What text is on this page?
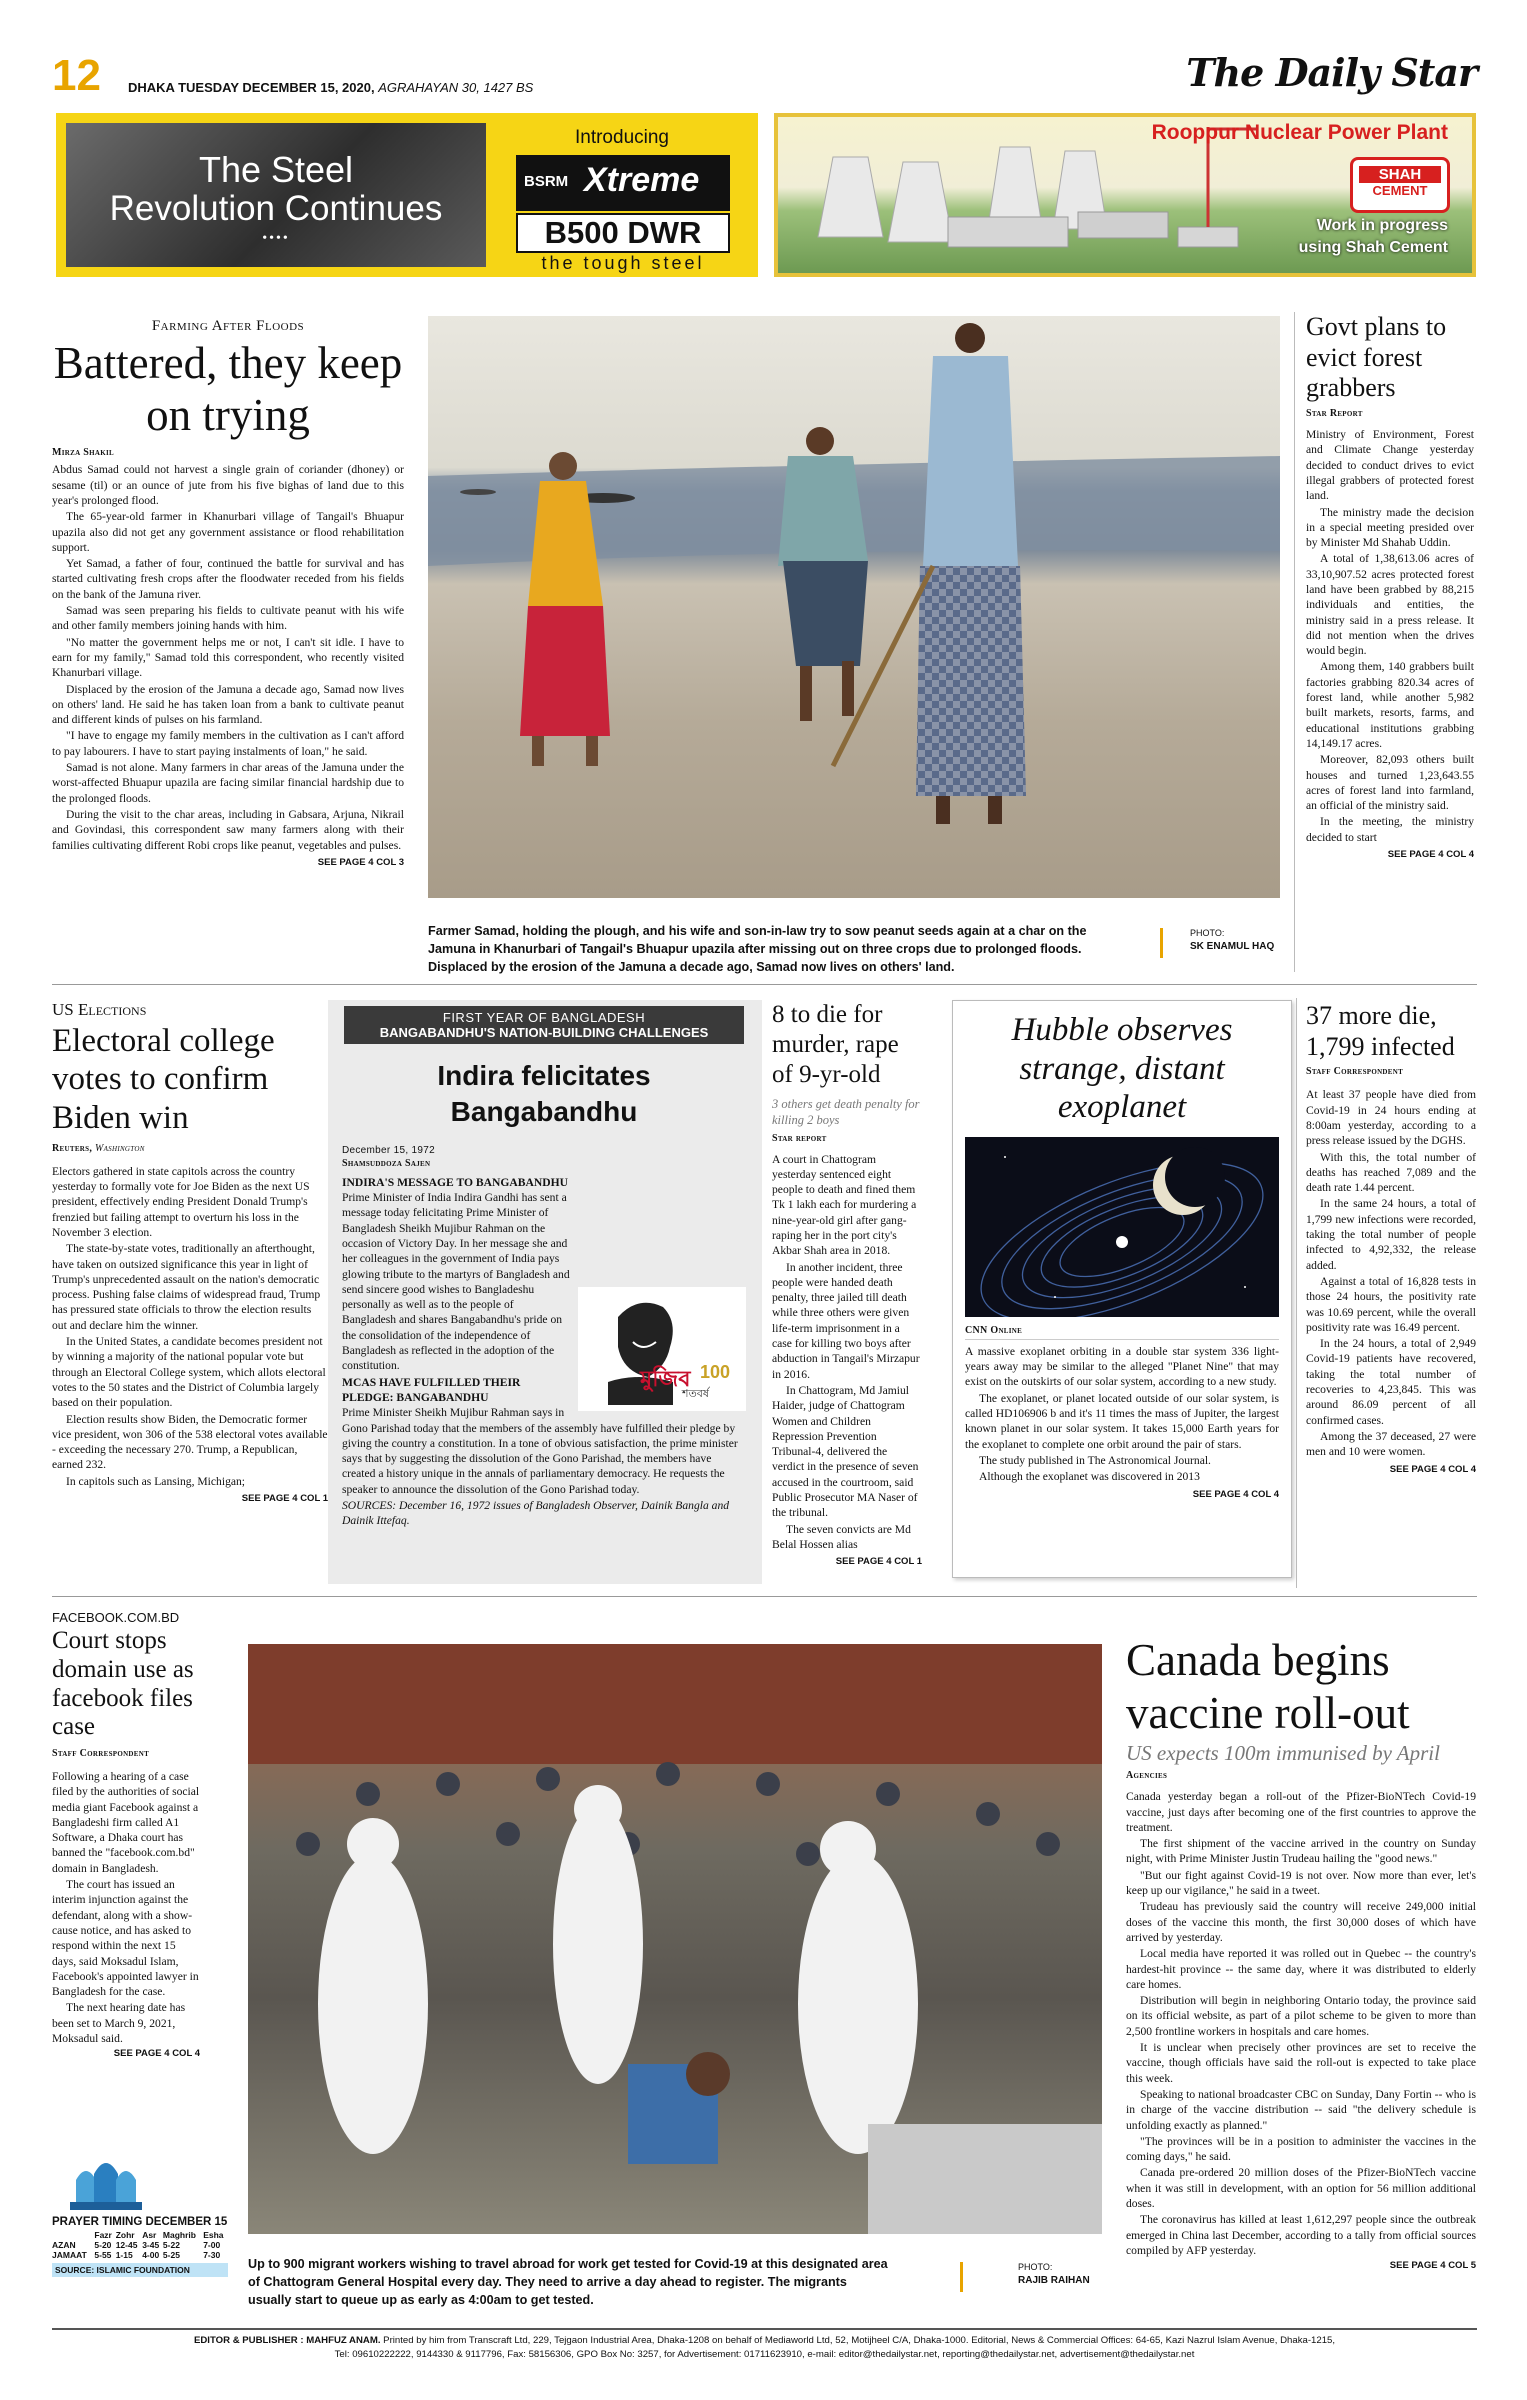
12 DHAKA TUESDAY DECEMBER 15, 2020, AGRAHAYAN 30, 1427 BS	The Daily Star
The Steel
Revolution Continues
••••
Introducing
BSRM Xtreme
B500 DWR
the tough steel
Rooppur Nuclear Power Plant
SHAH
CEMENT
Work in progress
using Shah Cement
Farming After Floods
Battered, they keep on trying
Mirza Shakil

Abdus Samad could not harvest a single grain of coriander (dhoney) or sesame (til) or an ounce of jute from his five bighas of land due to this year's prolonged flood.

The 65-year-old farmer in Khanurbari village of Tangail's Bhuapur upazila also did not get any government assistance or flood rehabilitation support.

Yet Samad, a father of four, continued the battle for survival and has started cultivating fresh crops after the floodwater receded from his fields on the bank of the Jamuna river.

Samad was seen preparing his fields to cultivate peanut with his wife and other family members joining hands with him.

"No matter the government helps me or not, I can't sit idle. I have to earn for my family," Samad told this correspondent, who recently visited Khanurbari village.

Displaced by the erosion of the Jamuna a decade ago, Samad now lives on others' land. He said he has taken loan from a bank to cultivate peanut and different kinds of pulses on his farmland.

"I have to engage my family members in the cultivation as I can't afford to pay labourers. I have to start paying instalments of loan," he said.

Samad is not alone. Many farmers in char areas of the Jamuna under the worst-affected Bhuapur upazila are facing similar financial hardship due to the prolonged floods.

During the visit to the char areas, including in Gabsara, Arjuna, Nikrail and Govindasi, this correspondent saw many farmers along with their families cultivating different Robi crops like peanut, vegetables and pulses.

SEE PAGE 4 COL 3
Farmer Samad, holding the plough, and his wife and son-in-law try to sow peanut seeds again at a char on the Jamuna in Khanurbari of Tangail's Bhuapur upazila after missing out on three crops due to prolonged floods. Displaced by the erosion of the Jamuna a decade ago, Samad now lives on others' land.
PHOTO:
SK ENAMUL HAQ
Govt plans to evict forest grabbers
Star Report

Ministry of Environment, Forest and Climate Change yesterday decided to conduct drives to evict illegal grabbers of protected forest land.

The ministry made the decision in a special meeting presided over by Minister Md Shahab Uddin.

A total of 1,38,613.06 acres of 33,10,907.52 acres protected forest land have been grabbed by 88,215 individuals and entities, the ministry said in a press release. It did not mention when the drives would begin.

Among them, 140 grabbers built factories grabbing 820.34 acres of forest land, while another 5,982 built markets, resorts, farms, and educational institutions grabbing 14,149.17 acres.

Moreover, 82,093 others built houses and turned 1,23,643.55 acres of forest land into farmland, an official of the ministry said.

In the meeting, the ministry decided to start

SEE PAGE 4 COL 4
US Elections
Electoral college votes to confirm Biden win
Reuters, Washington

Electors gathered in state capitols across the country yesterday to formally vote for Joe Biden as the next US president, effectively ending President Donald Trump's frenzied but failing attempt to overturn his loss in the November 3 election.

The state-by-state votes, traditionally an afterthought, have taken on outsized significance this year in light of Trump's unprecedented assault on the nation's democratic process. Pushing false claims of widespread fraud, Trump has pressured state officials to throw the election results out and declare him the winner.

In the United States, a candidate becomes president not by winning a majority of the national popular vote but through an Electoral College system, which allots electoral votes to the 50 states and the District of Columbia largely based on their population.

Election results show Biden, the Democratic former vice president, won 306 of the 538 electoral votes available - exceeding the necessary 270. Trump, a Republican, earned 232.

In capitols such as Lansing, Michigan;

SEE PAGE 4 COL 1
FIRST YEAR OF BANGLADESH
BANGABANDHU'S NATION-BUILDING CHALLENGES
Indira felicitates Bangabandhu
December 15, 1972
Shamsuddoza Sajen
মুজিব 100
শতবর্ষ
INDIRA'S MESSAGE TO BANGABANDHU

Prime Minister of India Indira Gandhi has sent a message today felicitating Prime Minister of Bangladesh Sheikh Mujibur Rahman on the occasion of Victory Day. In her message she and her colleagues in the government of India pays glowing tribute to the martyrs of Bangladesh and send sincere good wishes to Bangladeshu personally as well as to the people of Bangladesh and shares Bangabandhu's pride on the consolidation of the independence of Bangladesh as reflected in the adoption of the constitution.

MCAS HAVE FULFILLED THEIR PLEDGE: BANGABANDHU

Prime Minister Sheikh Mujibur Rahman says in Gono Parishad today that the members of the assembly have fulfilled their pledge by giving the country a constitution. In a tone of obvious satisfaction, the prime minister says that by suggesting the dissolution of the Gono Parishad, the members have created a history unique in the annals of parliamentary democracy. He requests the speaker to announce the dissolution of the Gono Parishad today.

SOURCES: December 16, 1972 issues of Bangladesh Observer, Dainik Bangla and Dainik Ittefaq.

8 to die for murder, rape of 9-yr-old
3 others get death penalty for killing 2 boys
Star report

A court in Chattogram yesterday sentenced eight people to death and fined them Tk 1 lakh each for murdering a nine-year-old girl after gang-raping her in the port city's Akbar Shah area in 2018.

In another incident, three people were handed death penalty, three jailed till death while three others were given life-term imprisonment in a case for killing two boys after abduction in Tangail's Mirzapur in 2016.

In Chattogram, Md Jamiul Haider, judge of Chattogram Women and Children Repression Prevention Tribunal-4, delivered the verdict in the presence of seven accused in the courtroom, said Public Prosecutor MA Naser of the tribunal.

The seven convicts are Md Belal Hossen alias

SEE PAGE 4 COL 1
Hubble observes strange, distant exoplanet
CNN Online

A massive exoplanet orbiting in a double star system 336 light-years away may be similar to the alleged "Planet Nine" that may exist on the outskirts of our solar system, according to a new study.

The exoplanet, or planet located outside of our solar system, is called HD106906 b and it's 11 times the mass of Jupiter, the largest known planet in our solar system. It takes 15,000 Earth years for the exoplanet to complete one orbit around the pair of stars.

The study published in The Astronomical Journal.

Although the exoplanet was discovered in 2013

SEE PAGE 4 COL 4
37 more die, 1,799 infected
Staff Correspondent

At least 37 people have died from Covid-19 in 24 hours ending at 8:00am yesterday, according to a press release issued by the DGHS.

With this, the total number of deaths has reached 7,089 and the death rate 1.44 percent.

In the same 24 hours, a total of 1,799 new infections were recorded, taking the total number of people infected to 4,92,332, the release added.

Against a total of 16,828 tests in those 24 hours, the positivity rate was 10.69 percent, while the overall positivity rate was 16.49 percent.

In the 24 hours, a total of 2,949 Covid-19 patients have recovered, taking the total number of recoveries to 4,23,845. This was around 86.09 percent of all confirmed cases.

Among the 37 deceased, 27 were men and 10 were women.

SEE PAGE 4 COL 4
FACEBOOK.COM.BD
Court stops domain use as facebook files case
Staff Correspondent

Following a hearing of a case filed by the authorities of social media giant Facebook against a Bangladeshi firm called A1 Software, a Dhaka court has banned the "facebook.com.bd" domain in Bangladesh.

The court has issued an interim injunction against the defendant, along with a show-cause notice, and has asked to respond within the next 15 days, said Moksadul Islam, Facebook's appointed lawyer in Bangladesh for the case.

The next hearing date has been set to March 9, 2021, Moksadul said.

SEE PAGE 4 COL 4
PRAYER TIMING DECEMBER 15
	Fazr	Zohr	Asr	Maghrib	Esha
AZAN	5-20	12-45	3-45	5-22	7-00
JAMAAT	5-55	1-15	4-00	5-25	7-30
SOURCE: ISLAMIC FOUNDATION	Up to 900 migrant workers wishing to travel abroad for work get tested for Covid-19 at this designated area of Chattogram General Hospital every day. They need to arrive a day ahead to register. The migrants usually start to queue up as early as 4:00am to get tested.
PHOTO:
RAJIB RAIHAN
Canada begins vaccine roll-out
US expects 100m immunised by April
Agencies

Canada yesterday began a roll-out of the Pfizer-BioNTech Covid-19 vaccine, just days after becoming one of the first countries to approve the treatment.

The first shipment of the vaccine arrived in the country on Sunday night, with Prime Minister Justin Trudeau hailing the "good news."

"But our fight against Covid-19 is not over. Now more than ever, let's keep up our vigilance," he said in a tweet.

Trudeau has previously said the country will receive 249,000 initial doses of the vaccine this month, the first 30,000 doses of which have arrived by yesterday.

Local media have reported it was rolled out in Quebec -- the country's hardest-hit province -- the same day, where it was distributed to elderly care homes.

Distribution will begin in neighboring Ontario today, the province said on its official website, as part of a pilot scheme to be given to more than 2,500 frontline workers in hospitals and care homes.

It is unclear when precisely other provinces are set to receive the vaccine, though officials have said the roll-out is expected to take place this week.

Speaking to national broadcaster CBC on Sunday, Dany Fortin -- who is in charge of the vaccine distribution -- said "the delivery schedule is unfolding exactly as planned."

"The provinces will be in a position to administer the vaccines in the coming days," he said.

Canada pre-ordered 20 million doses of the Pfizer-BioNTech vaccine when it was still in development, with an option for 56 million additional doses.

The coronavirus has killed at least 1,612,297 people since the outbreak emerged in China last December, according to a tally from official sources compiled by AFP yesterday.

SEE PAGE 4 COL 5
EDITOR & PUBLISHER : MAHFUZ ANAM. Printed by him from Transcraft Ltd, 229, Tejgaon Industrial Area, Dhaka-1208 on behalf of Mediaworld Ltd, 52, Motijheel C/A, Dhaka-1000. Editorial, News & Commercial Offices: 64-65, Kazi Nazrul Islam Avenue, Dhaka-1215,
Tel: 09610222222, 9144330 & 9117796, Fax: 58156306, GPO Box No: 3257, for Advertisement: 01711623910, e-mail: editor@thedailystar.net, reporting@thedailystar.net, advertisement@thedailystar.net
